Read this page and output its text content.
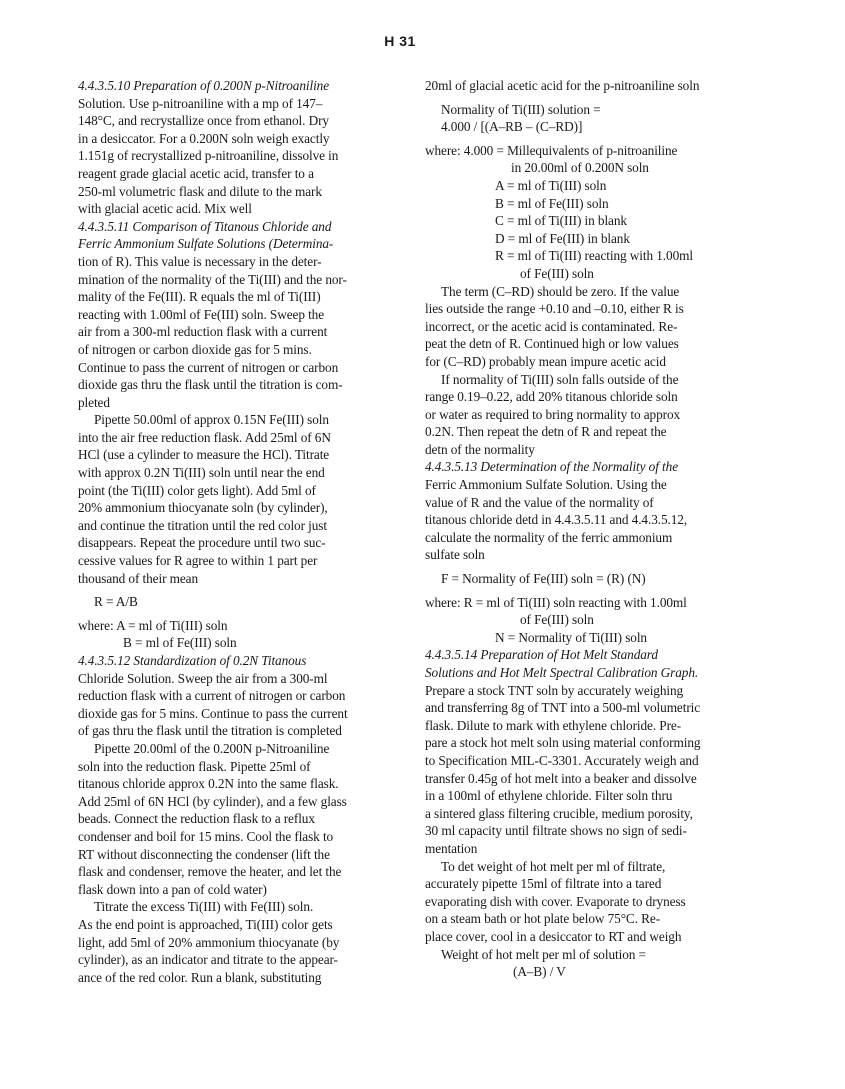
H 31
4.4.3.5.10 Preparation of 0.200N p-Nitroaniline
Solution. Use p-nitroaniline with a mp of 147–
148°C, and recrystallize once from ethanol. Dry
in a desiccator. For a 0.200N soln weigh exactly
1.151g of recrystallized p-nitroaniline, dissolve in
reagent grade glacial acetic acid, transfer to a
250-ml volumetric flask and dilute to the mark
with glacial acetic acid. Mix well
4.4.3.5.11 Comparison of Titanous Chloride and
Ferric Ammonium Sulfate Solutions (Determina-
tion of R). This value is necessary in the deter-
mination of the normality of the Ti(III) and the nor-
mality of the Fe(III). R equals the ml of Ti(III)
reacting with 1.00ml of Fe(III) soln. Sweep the
air from a 300-ml reduction flask with a current
of nitrogen or carbon dioxide gas for 5 mins.
Continue to pass the current of nitrogen or carbon
dioxide gas thru the flask until the titration is com-
pleted
Pipette 50.00ml of approx 0.15N Fe(III) soln
into the air free reduction flask. Add 25ml of 6N
HCl (use a cylinder to measure the HCl). Titrate
with approx 0.2N Ti(III) soln until near the end
point (the Ti(III) color gets light). Add 5ml of
20% ammonium thiocyanate soln (by cylinder),
and continue the titration until the red color just
disappears. Repeat the procedure until two suc-
cessive values for R agree to within 1 part per
thousand of their mean
R = A/B
where: A = ml of Ti(III) soln
B = ml of Fe(III) soln
4.4.3.5.12 Standardization of 0.2N Titanous
Chloride Solution. Sweep the air from a 300-ml
reduction flask with a current of nitrogen or carbon
dioxide gas for 5 mins. Continue to pass the current
of gas thru the flask until the titration is completed
Pipette 20.00ml of the 0.200N p-Nitroaniline
soln into the reduction flask. Pipette 25ml of
titanous chloride approx 0.2N into the same flask.
Add 25ml of 6N HCl (by cylinder), and a few glass
beads. Connect the reduction flask to a reflux
condenser and boil for 15 mins. Cool the flask to
RT without disconnecting the condenser (lift the
flask and condenser, remove the heater, and let the
flask down into a pan of cold water)
Titrate the excess Ti(III) with Fe(III) soln.
As the end point is approached, Ti(III) color gets
light, add 5ml of 20% ammonium thiocyanate (by
cylinder), as an indicator and titrate to the appear-
ance of the red color. Run a blank, substituting
20ml of glacial acetic acid for the p-nitroaniline soln
Normality of Ti(III) solution =
4.000 / [(A–RB – (C–RD)]
where: 4.000 = Millequivalents of p-nitroaniline
in 20.00ml of 0.200N soln
A = ml of Ti(III) soln
B = ml of Fe(III) soln
C = ml of Ti(III) in blank
D = ml of Fe(III) in blank
R = ml of Ti(III) reacting with 1.00ml
of Fe(III) soln
The term (C–RD) should be zero. If the value
lies outside the range +0.10 and –0.10, either R is
incorrect, or the acetic acid is contaminated. Re-
peat the detn of R. Continued high or low values
for (C–RD) probably mean impure acetic acid
If normality of Ti(III) soln falls outside of the
range 0.19–0.22, add 20% titanous chloride soln
or water as required to bring normality to approx
0.2N. Then repeat the detn of R and repeat the
detn of the normality
4.4.3.5.13 Determination of the Normality of the
Ferric Ammonium Sulfate Solution. Using the
value of R and the value of the normality of
titanous chloride detd in 4.4.3.5.11 and 4.4.3.5.12,
calculate the normality of the ferric ammonium
sulfate soln
F = Normality of Fe(III) soln = (R) (N)
where: R = ml of Ti(III) soln reacting with 1.00ml
of Fe(III) soln
N = Normality of Ti(III) soln
4.4.3.5.14 Preparation of Hot Melt Standard
Solutions and Hot Melt Spectral Calibration Graph.
Prepare a stock TNT soln by accurately weighing
and transferring 8g of TNT into a 500-ml volumetric
flask. Dilute to mark with ethylene chloride. Pre-
pare a stock hot melt soln using material conforming
to Specification MIL-C-3301. Accurately weigh and
transfer 0.45g of hot melt into a beaker and dissolve
in a 100ml of ethylene chloride. Filter soln thru
a sintered glass filtering crucible, medium porosity,
30 ml capacity until filtrate shows no sign of sedi-
mentation
To det weight of hot melt per ml of filtrate,
accurately pipette 15ml of filtrate into a tared
evaporating dish with cover. Evaporate to dryness
on a steam bath or hot plate below 75°C. Re-
place cover, cool in a desiccator to RT and weigh
Weight of hot melt per ml of solution =
(A–B) / V
